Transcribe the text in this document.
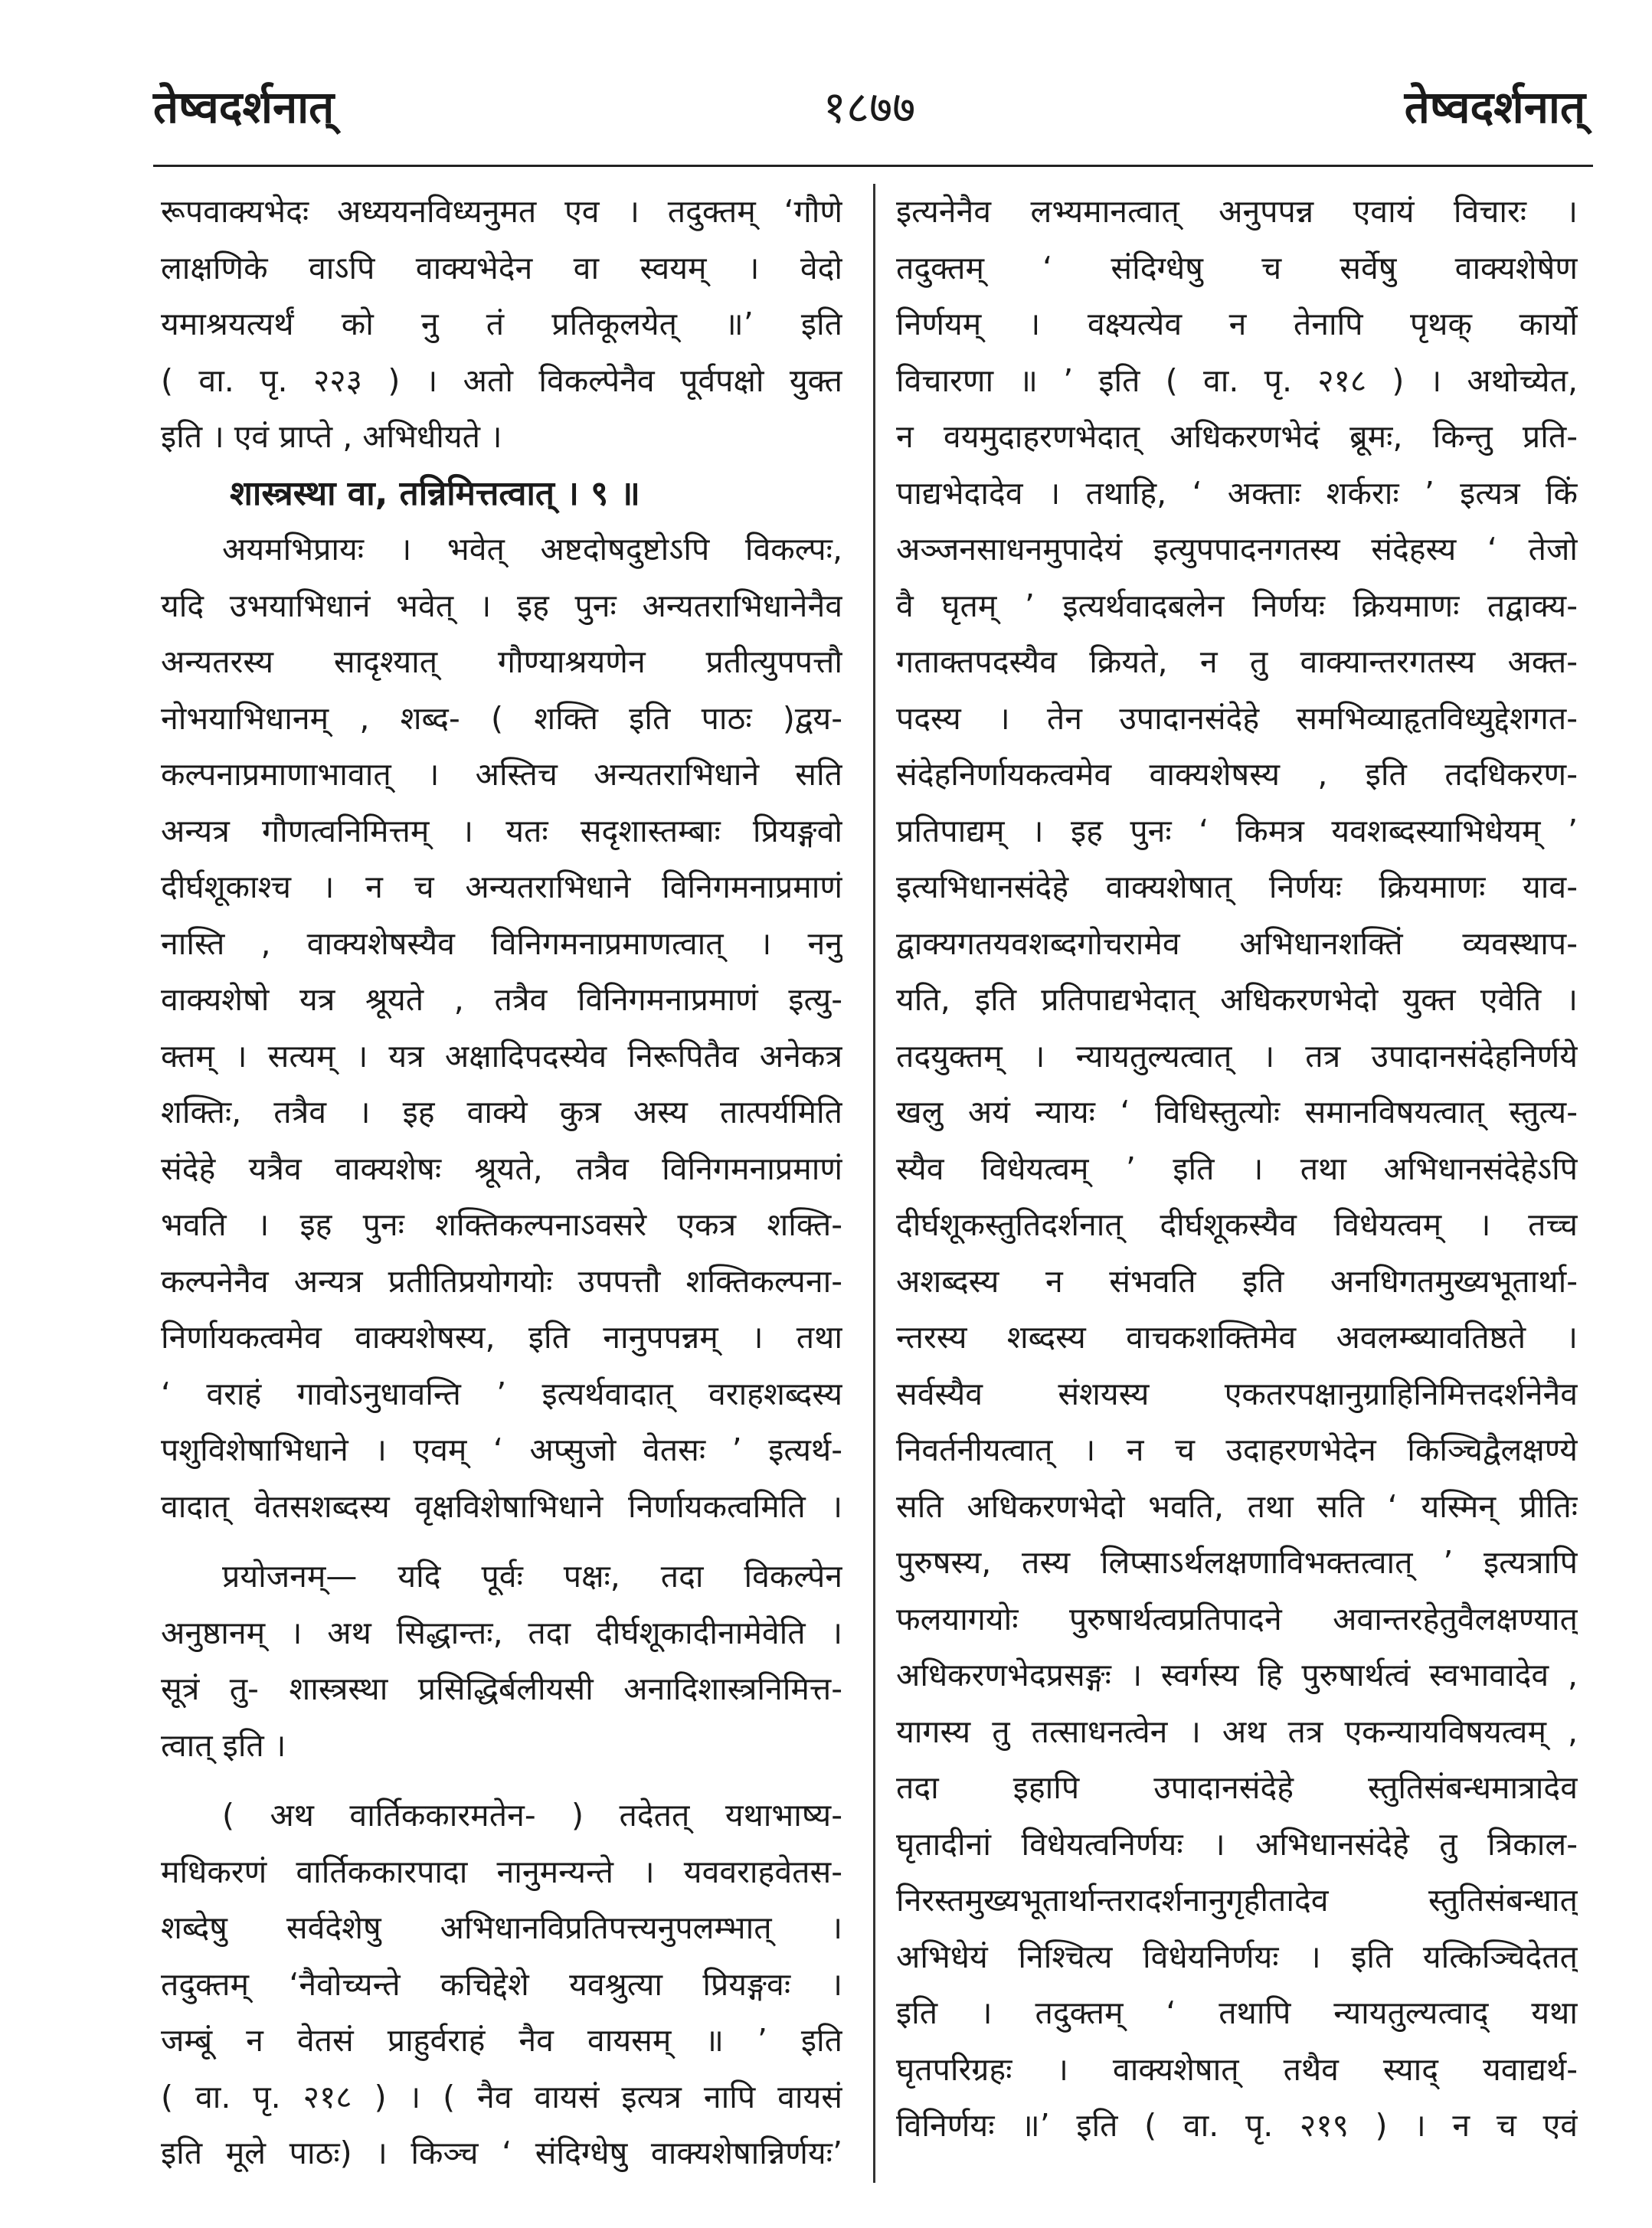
तेष्वदर्शनात्	१८७७	तेष्वदर्शनात्
रूपवाक्यभेदः अध्ययनविध्यनुमत एव । तदुक्तम् ‘गौणे
लाक्षणिके वाऽपि वाक्यभेदेन वा स्वयम् । वेदो
यमाश्रयत्यर्थं को नु तं प्रतिकूलयेत् ॥’ इति
( वा. पृ. २२३ ) । अतो विकल्पेनैव पूर्वपक्षो युक्त
इति । एवं प्राप्ते , अभिधीयते ।
शास्त्रस्था वा, तन्निमित्तत्वात् । ९ ॥
अयमभिप्रायः । भवेत् अष्टदोषदुष्टोऽपि विकल्पः,
यदि उभयाभिधानं भवेत् । इह पुनः अन्यतराभिधानेनैव
अन्यतरस्य सादृश्यात् गौण्याश्रयणेन प्रतीत्युपपत्तौ
नोभयाभिधानम् , शब्द- ( शक्ति इति पाठः )द्वय-
कल्पनाप्रमाणाभावात् । अस्तिच अन्यतराभिधाने सति
अन्यत्र गौणत्वनिमित्तम् । यतः सदृशास्तम्बाः प्रियङ्गवो
दीर्घशूकाश्च । न च अन्यतराभिधाने विनिगमनाप्रमाणं
नास्ति , वाक्यशेषस्यैव विनिगमनाप्रमाणत्वात् । ननु
वाक्यशेषो यत्र श्रूयते , तत्रैव विनिगमनाप्रमाणं इत्यु-
क्तम् । सत्यम् । यत्र अक्षादिपदस्येव निरूपितैव अनेकत्र
शक्तिः, तत्रैव । इह वाक्ये कुत्र अस्य तात्पर्यमिति
संदेहे यत्रैव वाक्यशेषः श्रूयते, तत्रैव विनिगमनाप्रमाणं
भवति । इह पुनः शक्तिकल्पनाऽवसरे एकत्र शक्ति-
कल्पनेनैव अन्यत्र प्रतीतिप्रयोगयोः उपपत्तौ शक्तिकल्पना-
निर्णायकत्वमेव वाक्यशेषस्य, इति नानुपपन्नम् । तथा
‘ वराहं गावोऽनुधावन्ति ’ इत्यर्थवादात् वराहशब्दस्य
पशुविशेषाभिधाने । एवम् ‘ अप्सुजो वेतसः ’ इत्यर्थ-
वादात् वेतसशब्दस्य वृक्षविशेषाभिधाने निर्णायकत्वमिति ।
प्रयोजनम्— यदि पूर्वः पक्षः, तदा विकल्पेन
अनुष्ठानम् । अथ सिद्धान्तः, तदा दीर्घशूकादीनामेवेति ।
सूत्रं तु- शास्त्रस्था प्रसिद्धिर्बलीयसी अनादिशास्त्रनिमित्त-
त्वात् इति ।
( अथ वार्तिककारमतेन- ) तदेतत् यथाभाष्य-
मधिकरणं वार्तिककारपादा नानुमन्यन्ते । यववराहवेतस-
शब्देषु सर्वदेशेषु अभिधानविप्रतिपत्त्यनुपलम्भात् ।
तदुक्तम् ‘नैवोच्यन्ते कचिद्देशे यवश्रुत्या प्रियङ्गवः ।
जम्बूं न वेतसं प्राहुर्वराहं नैव वायसम् ॥ ’ इति
( वा. पृ. २१८ ) । ( नैव वायसं इत्यत्र नापि वायसं
इति मूले पाठः) । किञ्च ‘ संदिग्धेषु वाक्यशेषान्निर्णयः’
इत्यनेनैव लभ्यमानत्वात् अनुपपन्न एवायं विचारः ।
तदुक्तम् ‘ संदिग्धेषु च सर्वेषु वाक्यशेषेण
निर्णयम् । वक्ष्यत्येव न तेनापि पृथक् कार्यो
विचारणा ॥ ’ इति ( वा. पृ. २१८ ) । अथोच्येत,
न वयमुदाहरणभेदात् अधिकरणभेदं ब्रूमः, किन्तु प्रति-
पाद्यभेदादेव । तथाहि, ‘ अक्ताः शर्कराः ’ इत्यत्र किं
अञ्जनसाधनमुपादेयं इत्युपपादनगतस्य संदेहस्य ‘ तेजो
वै घृतम् ’ इत्यर्थवादबलेन निर्णयः क्रियमाणः तद्वाक्य-
गताक्तपदस्यैव क्रियते, न तु वाक्यान्तरगतस्य अक्त-
पदस्य । तेन उपादानसंदेहे समभिव्याहृतविध्युद्देशगत-
संदेहनिर्णायकत्वमेव वाक्यशेषस्य , इति तदधिकरण-
प्रतिपाद्यम् । इह पुनः ‘ किमत्र यवशब्दस्याभिधेयम् ’
इत्यभिधानसंदेहे वाक्यशेषात् निर्णयः क्रियमाणः याव-
द्वाक्यगतयवशब्दगोचरामेव अभिधानशक्तिं व्यवस्थाप-
यति, इति प्रतिपाद्यभेदात् अधिकरणभेदो युक्त एवेति ।
तदयुक्तम् । न्यायतुल्यत्वात् । तत्र उपादानसंदेहनिर्णये
खलु अयं न्यायः ‘ विधिस्तुत्योः समानविषयत्वात् स्तुत्य-
स्यैव विधेयत्वम् ’ इति । तथा अभिधानसंदेहेऽपि
दीर्घशूकस्तुतिदर्शनात् दीर्घशूकस्यैव विधेयत्वम् । तच्च
अशब्दस्य न संभवति इति अनधिगतमुख्यभूतार्था-
न्तरस्य शब्दस्य वाचकशक्तिमेव अवलम्ब्यावतिष्ठते ।
सर्वस्यैव संशयस्य एकतरपक्षानुग्राहिनिमित्तदर्शनेनैव
निवर्तनीयत्वात् । न च उदाहरणभेदेन किञ्चिद्वैलक्षण्ये
सति अधिकरणभेदो भवति, तथा सति ‘ यस्मिन् प्रीतिः
पुरुषस्य, तस्य लिप्साऽर्थलक्षणाविभक्तत्वात् ’ इत्यत्रापि
फलयागयोः पुरुषार्थत्वप्रतिपादने अवान्तरहेतुवैलक्षण्यात्
अधिकरणभेदप्रसङ्गः । स्वर्गस्य हि पुरुषार्थत्वं स्वभावादेव ,
यागस्य तु तत्साधनत्वेन । अथ तत्र एकन्यायविषयत्वम् ,
तदा इहापि उपादानसंदेहे स्तुतिसंबन्धमात्रादेव
घृतादीनां विधेयत्वनिर्णयः । अभिधानसंदेहे तु त्रिकाल-
निरस्तमुख्यभूतार्थान्तरादर्शनानुगृहीतादेव स्तुतिसंबन्धात्
अभिधेयं निश्चित्य विधेयनिर्णयः । इति यत्किञ्चिदेतत्
इति । तदुक्तम् ‘ तथापि न्यायतुल्यत्वाद् यथा
घृतपरिग्रहः । वाक्यशेषात् तथैव स्याद् यवाद्यर्थ-
विनिर्णयः ॥’ इति ( वा. पृ. २१९ ) । न च एवं
